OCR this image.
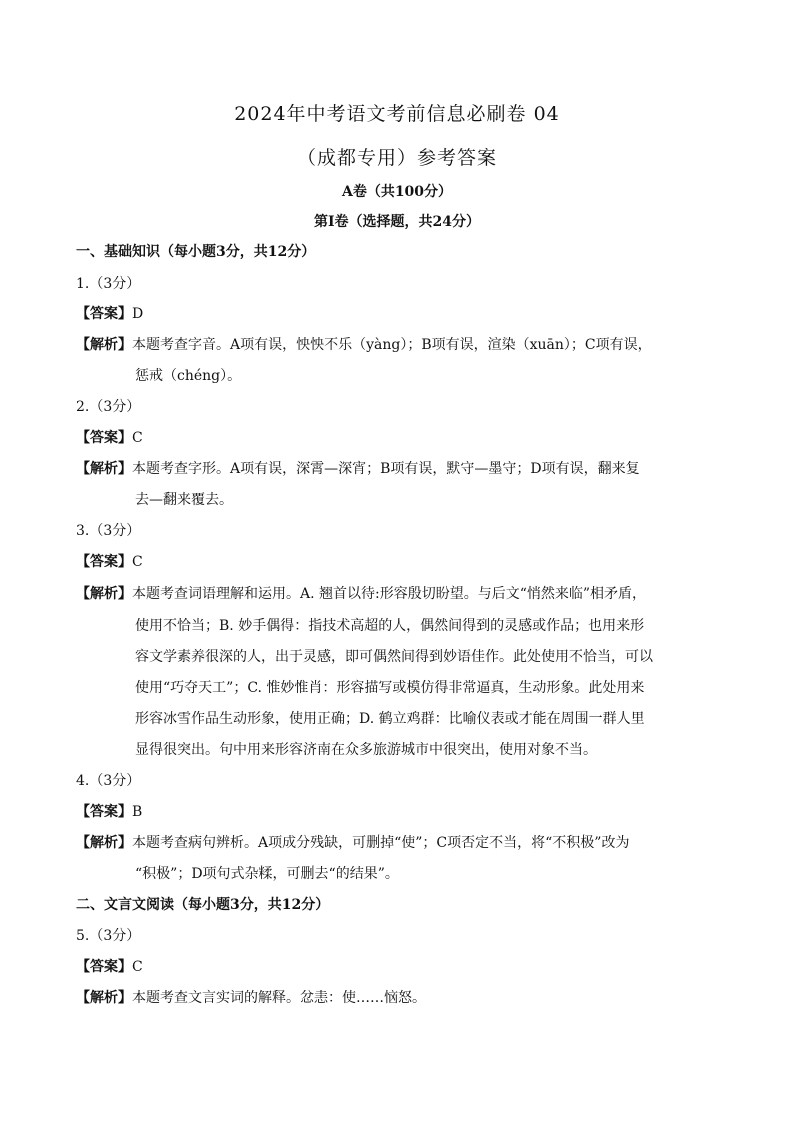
2024年中考语文考前信息必刷卷 04
（成都专用）参考答案
A卷（共100分）
第Ⅰ卷（选择题，共24分）
一、基础知识（每小题3分，共12分）
1.（3分）
【答案】D
【解析】本题考查字音。A项有误，怏怏不乐（yàng）；B项有误，渲染（xuān）；C项有误，
惩戒（chéng）。
2.（3分）
【答案】C
【解析】本题考查字形。A项有误，深霄—深宵；B项有误，默守—墨守；D项有误，翻来复
去—翻来覆去。
3.（3分）
【答案】C
【解析】本题考查词语理解和运用。A. 翘首以待:形容殷切盼望。与后文“悄然来临”相矛盾，
使用不恰当；B. 妙手偶得：指技术高超的人，偶然间得到的灵感或作品；也用来形
容文学素养很深的人，出于灵感，即可偶然间得到妙语佳作。此处使用不恰当，可以
使用“巧夺天工”；C. 惟妙惟肖：形容描写或模仿得非常逼真，生动形象。此处用来
形容冰雪作品生动形象，使用正确；D. 鹤立鸡群：比喻仪表或才能在周围一群人里
显得很突出。句中用来形容济南在众多旅游城市中很突出，使用对象不当。
4.（3分）
【答案】B
【解析】本题考查病句辨析。A项成分残缺，可删掉“使”；C项否定不当，将“不积极”改为
“积极”；D项句式杂糅，可删去“的结果”。
二、文言文阅读（每小题3分，共12分）
5.（3分）
【答案】C
【解析】本题考查文言实词的解释。忿恚：使……恼怒。
